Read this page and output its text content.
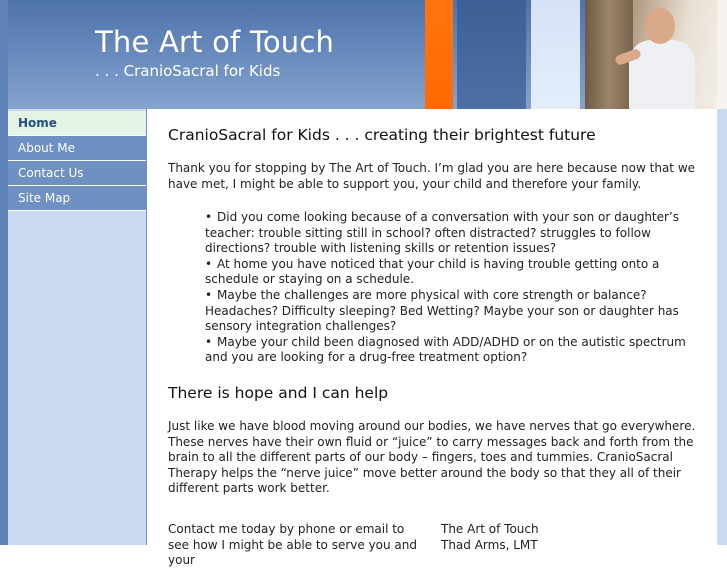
The Art of Touch
. . . CranioSacral for Kids
Home
About Me
Contact Us
Site Map
CranioSacral for Kids . . . creating their brightest future

Thank you for stopping by The Art of Touch. I’m glad you are here because now that we have met, I might be able to support you, your child and therefore your family.

• Did you come looking because of a conversation with your son or daughter’s teacher: trouble sitting still in school? often distracted? struggles to follow directions? trouble with listening skills or retention issues?
• At home you have noticed that your child is having trouble getting onto a schedule or staying on a schedule.
• Maybe the challenges are more physical with core strength or balance? Headaches? Difficulty sleeping? Bed Wetting? Maybe your son or daughter has sensory integration challenges?
• Maybe your child been diagnosed with ADD/ADHD or on the autistic spectrum and you are looking for a drug-free treatment option?
There is hope and I can help

Just like we have blood moving around our bodies, we have nerves that go everywhere. These nerves have their own fluid or “juice” to carry messages back and forth from the brain to all the different parts of our body – fingers, toes and tummies. CranioSacral Therapy helps the “nerve juice” move better around the body so that they all of their different parts work better.

Contact me today by phone or email to see how I might be able to serve you and your
The Art of Touch
Thad Arms, LMT
